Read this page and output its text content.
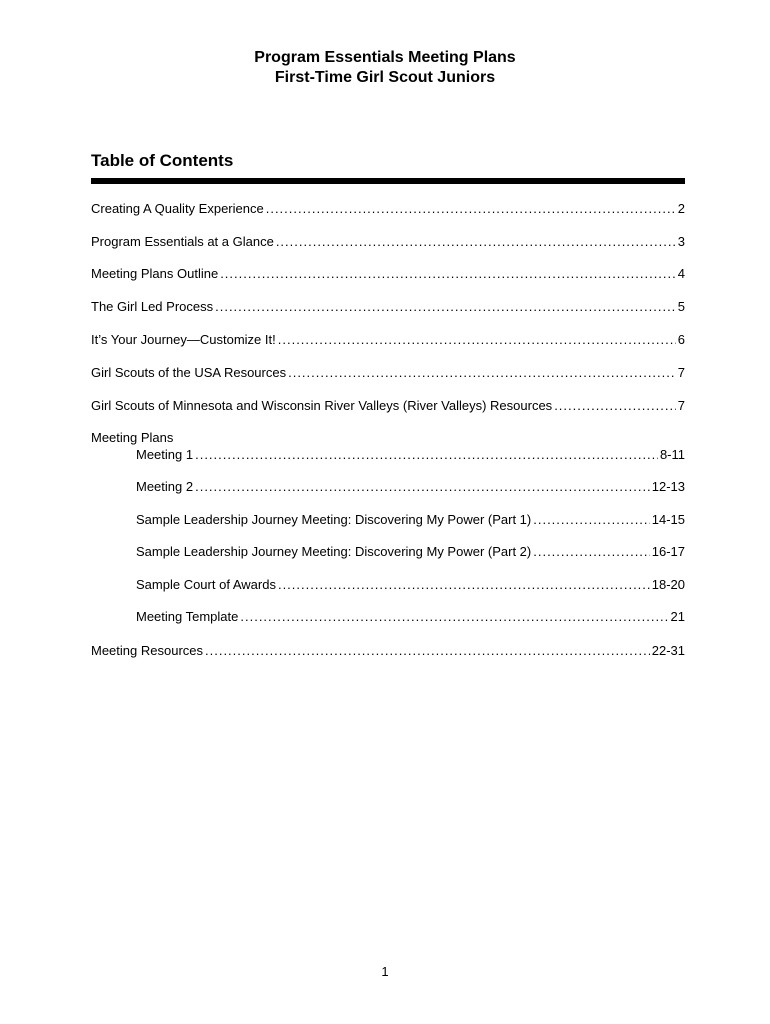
Program Essentials Meeting Plans
First-Time Girl Scout Juniors
Table of Contents
Creating A Quality Experience .....	2
Program Essentials at a Glance .....	3
Meeting Plans Outline .....	4
The Girl Led Process .....	5
It’s Your Journey—Customize It! .....	6
Girl Scouts of the USA Resources .....	7
Girl Scouts of Minnesota and Wisconsin River Valleys (River Valleys) Resources .....	7
Meeting Plans
Meeting 1 .....	8-11
Meeting 2 .....	12-13
Sample Leadership Journey Meeting: Discovering My Power (Part 1) .....	14-15
Sample Leadership Journey Meeting: Discovering My Power (Part 2) .....	16-17
Sample Court of Awards .....	18-20
Meeting Template .....	21
Meeting Resources .....	22-31
1
